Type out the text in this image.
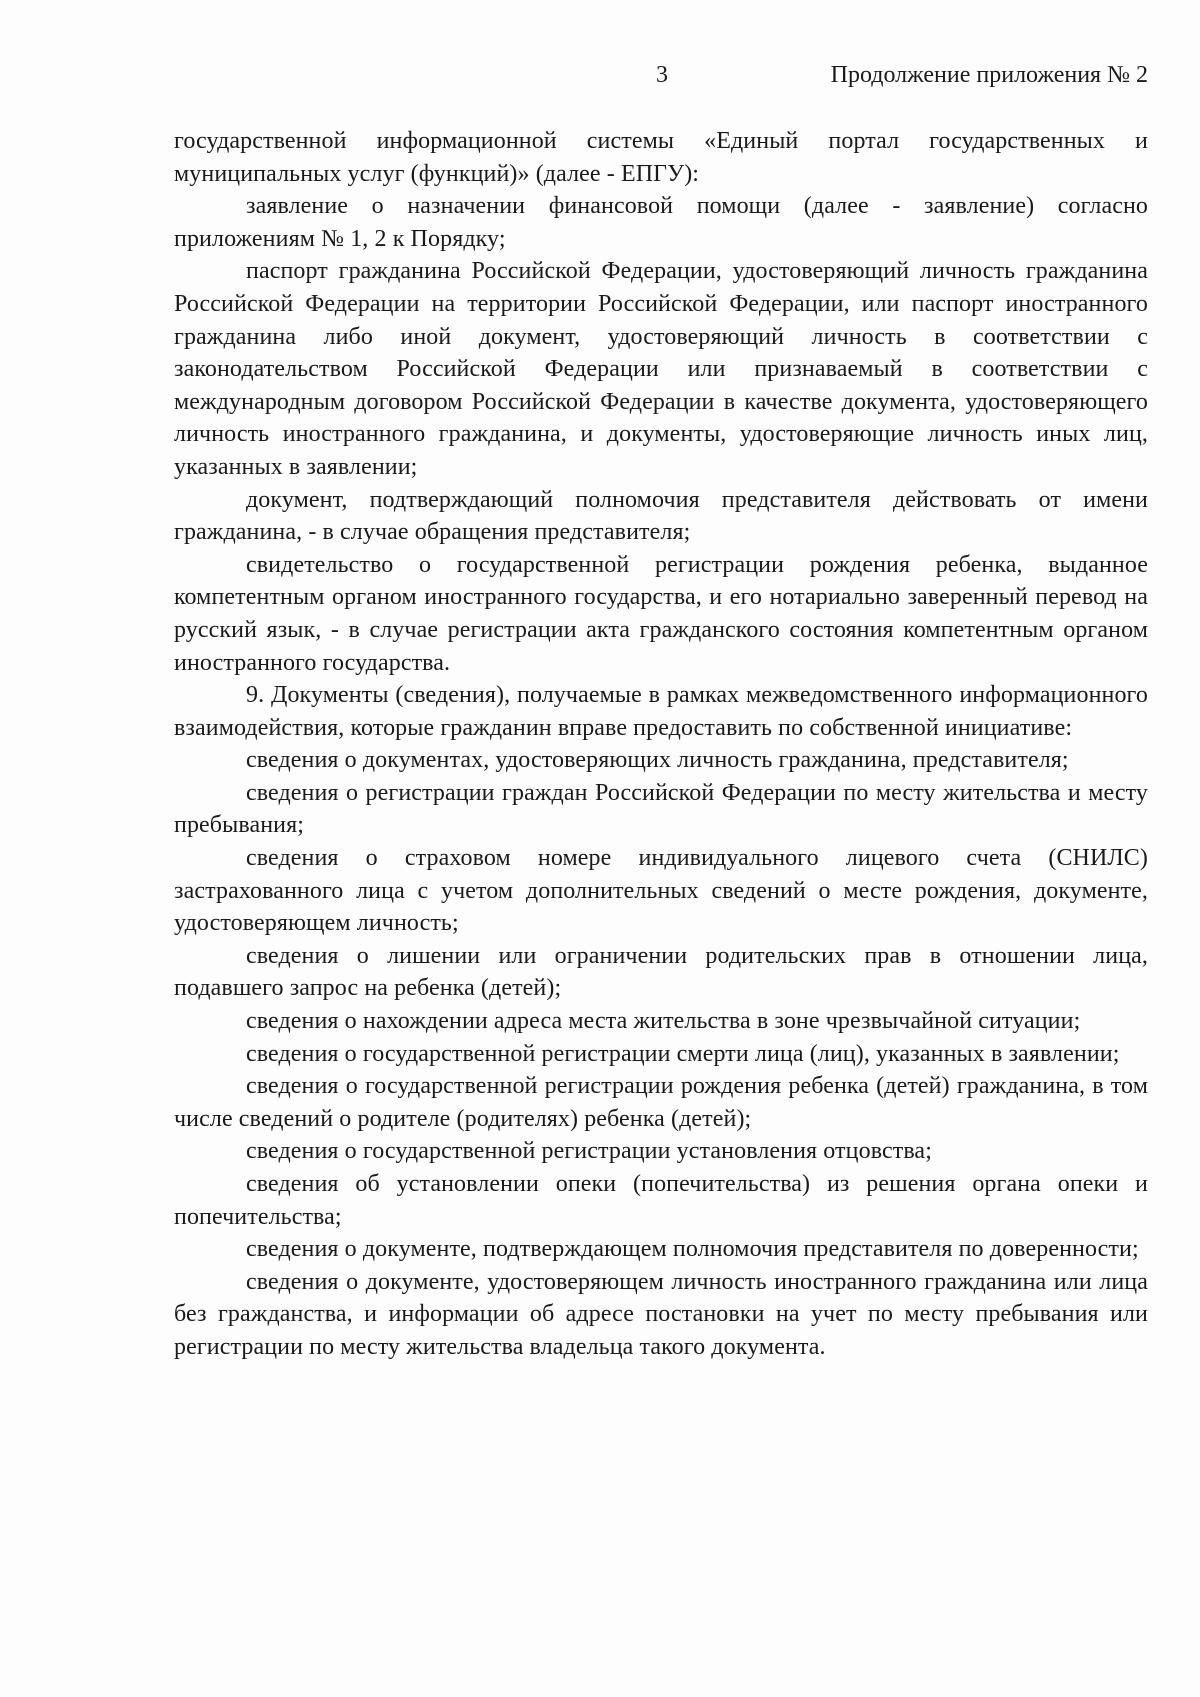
3	Продолжение приложения № 2

государственной информационной системы «Единый портал государственных и муниципальных услуг (функций)» (далее - ЕПГУ):

заявление о назначении финансовой помощи (далее - заявление) согласно приложениям № 1, 2 к Порядку;

паспорт гражданина Российской Федерации, удостоверяющий личность гражданина Российской Федерации на территории Российской Федерации, или паспорт иностранного гражданина либо иной документ, удостоверяющий личность в соответствии с законодательством Российской Федерации или признаваемый в соответствии с международным договором Российской Федерации в качестве документа, удостоверяющего личность иностранного гражданина, и документы, удостоверяющие личность иных лиц, указанных в заявлении;

документ, подтверждающий полномочия представителя действовать от имени гражданина, - в случае обращения представителя;

свидетельство о государственной регистрации рождения ребенка, выданное компетентным органом иностранного государства, и его нотариально заверенный перевод на русский язык, - в случае регистрации акта гражданского состояния компетентным органом иностранного государства.

9. Документы (сведения), получаемые в рамках межведомственного информационного взаимодействия, которые гражданин вправе предоставить по собственной инициативе:

сведения о документах, удостоверяющих личность гражданина, представителя;

сведения о регистрации граждан Российской Федерации по месту жительства и месту пребывания;

сведения о страховом номере индивидуального лицевого счета (СНИЛС) застрахованного лица с учетом дополнительных сведений о месте рождения, документе, удостоверяющем личность;

сведения о лишении или ограничении родительских прав в отношении лица, подавшего запрос на ребенка (детей);

сведения о нахождении адреса места жительства в зоне чрезвычайной ситуации;

сведения о государственной регистрации смерти лица (лиц), указанных в заявлении;

сведения о государственной регистрации рождения ребенка (детей) гражданина, в том числе сведений о родителе (родителях) ребенка (детей);

сведения о государственной регистрации установления отцовства;

сведения об установлении опеки (попечительства) из решения органа опеки и попечительства;

сведения о документе, подтверждающем полномочия представителя по доверенности;

сведения о документе, удостоверяющем личность иностранного гражданина или лица без гражданства, и информации об адресе постановки на учет по месту пребывания или регистрации по месту жительства владельца такого документа.
